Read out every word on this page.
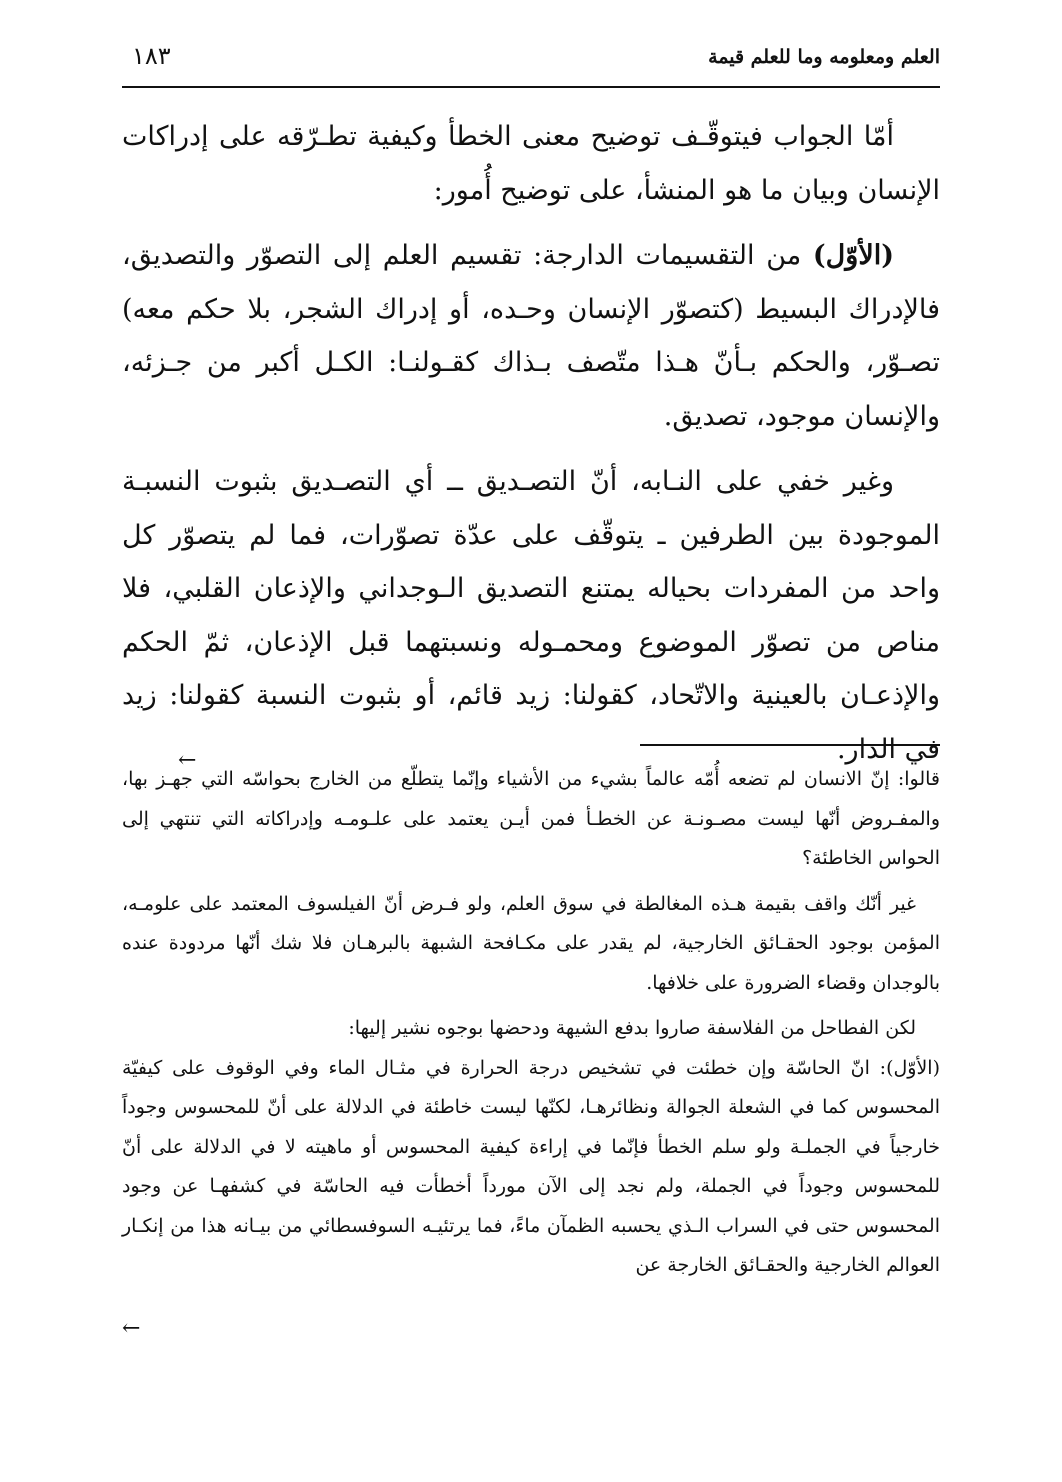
العلم ومعلومه وما للعلم قيمة
١٨٣

أمّا الجواب فيتوقّـف توضيح معنى الخطأ وكيفية تطـرّقه على إدراكات الإنسان وبيان ما هو المنشأ، على توضيح أُمور:

(الأوّل) من التقسيمات الدارجة: تقسيم العلم إلى التصوّر والتصديق، فالإدراك البسيط (كتصوّر الإنسان وحـده، أو إدراك الشجر، بلا حكم معه) تصـوّر، والحكم بـأنّ هـذا متّصف بـذاك كقـولنـا: الكـل أكبر من جـزئه، والإنسان موجود، تصديق.

وغير خفي على النـابه، أنّ التصـديق ــ أي التصـديق بثبوت النسبـة الموجودة بين الطرفين ـ يتوقّف على عدّة تصوّرات، فما لم يتصوّر كل واحد من المفردات بحياله يمتنع التصديق الـوجداني والإذعان القلبي، فلا مناص من تصوّر الموضوع ومحمـوله ونسبتهما قبل الإذعان، ثمّ الحكم والإذعـان بالعينية والاتّحاد، كقولنا: زيد قائم، أو بثبوت النسبة كقولنا: زيد في الدار.

←

قالوا: إنّ الانسان لم تضعه أُمّه عالماً بشيء من الأشياء وإنّما يتطلّع من الخارج بحواسّه التي جهـز بها، والمفـروض أنّها ليست مصـونـة عن الخطـأ فمن أيـن يعتمد على علـومـه وإدراكاته التي تنتهي إلى الحواس الخاطئة؟

غير أنّك واقف بقيمة هـذه المغالطة في سوق العلم، ولو فـرض أنّ الفيلسوف المعتمد على علومـه، المؤمن بوجود الحقـائق الخارجية، لم يقدر على مكـافحة الشبهة بالبرهـان فلا شك أنّها مردودة عنده بالوجدان وقضاء الضرورة على خلافها.

لكن الفطاحل من الفلاسفة صاروا بدفع الشيهة ودحضها بوجوه نشير إليها:

(الأوّل): انّ الحاسّة وإن خطئت في تشخيص درجة الحرارة في مثـال الماء وفي الوقوف على كيفيّة المحسوس كما في الشعلة الجوالة ونظائرهـا، لكنّها ليست خاطئة في الدلالة على أنّ للمحسوس وجوداً خارجياً في الجملـة ولو سلم الخطأ فإنّما في إراءة كيفية المحسوس أو ماهيته لا في الدلالة على أنّ للمحسوس وجوداً في الجملة، ولم نجد إلى الآن مورداً أخطأت فيه الحاسّة في كشفهـا عن وجود المحسوس حتى في السراب الـذي يحسبه الظمآن ماءً، فما يرتئيـه السوفسطائي من بيـانه هذا من إنكـار العوالم الخارجية والحقـائق الخارجة عن

←
